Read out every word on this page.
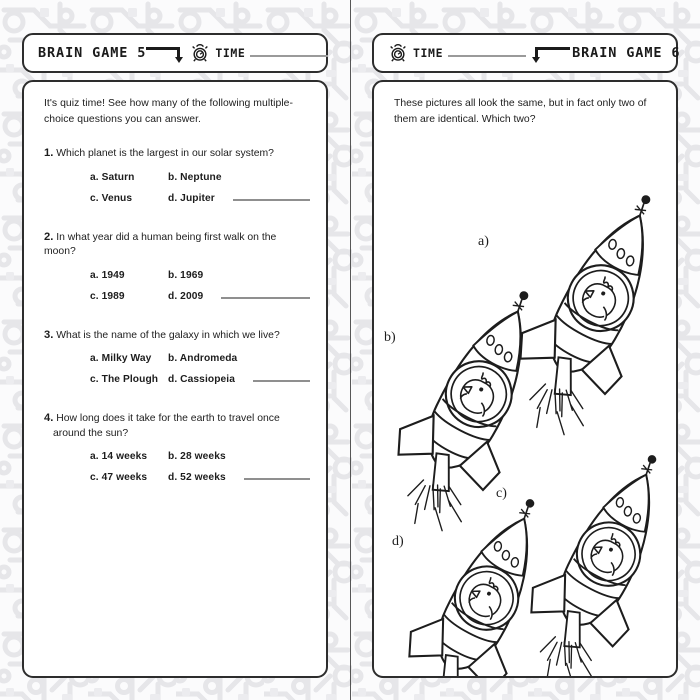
BRAIN GAME 5	TIME
It's quiz time! See how many of the following multiple-choice questions you can answer.
1. Which planet is the largest in our solar system?
a. Saturn	b. Neptune
c. Venus	d. Jupiter
2. In what year did a human being first walk on the moon?
a. 1949	b. 1969
c. 1989	d. 2009
3. What is the name of the galaxy in which we live?
a. Milky Way	b. Andromeda
c. The Plough d. Cassiopeia
4. How long does it take for the earth to travel once
around the sun?
a. 14 weeks	b. 28 weeks
c. 47 weeks	d. 52 weeks
TIME	BRAIN GAME 6
These pictures all look the same, but in fact only two of them are identical. Which two?
a)
b)
c)
d)
